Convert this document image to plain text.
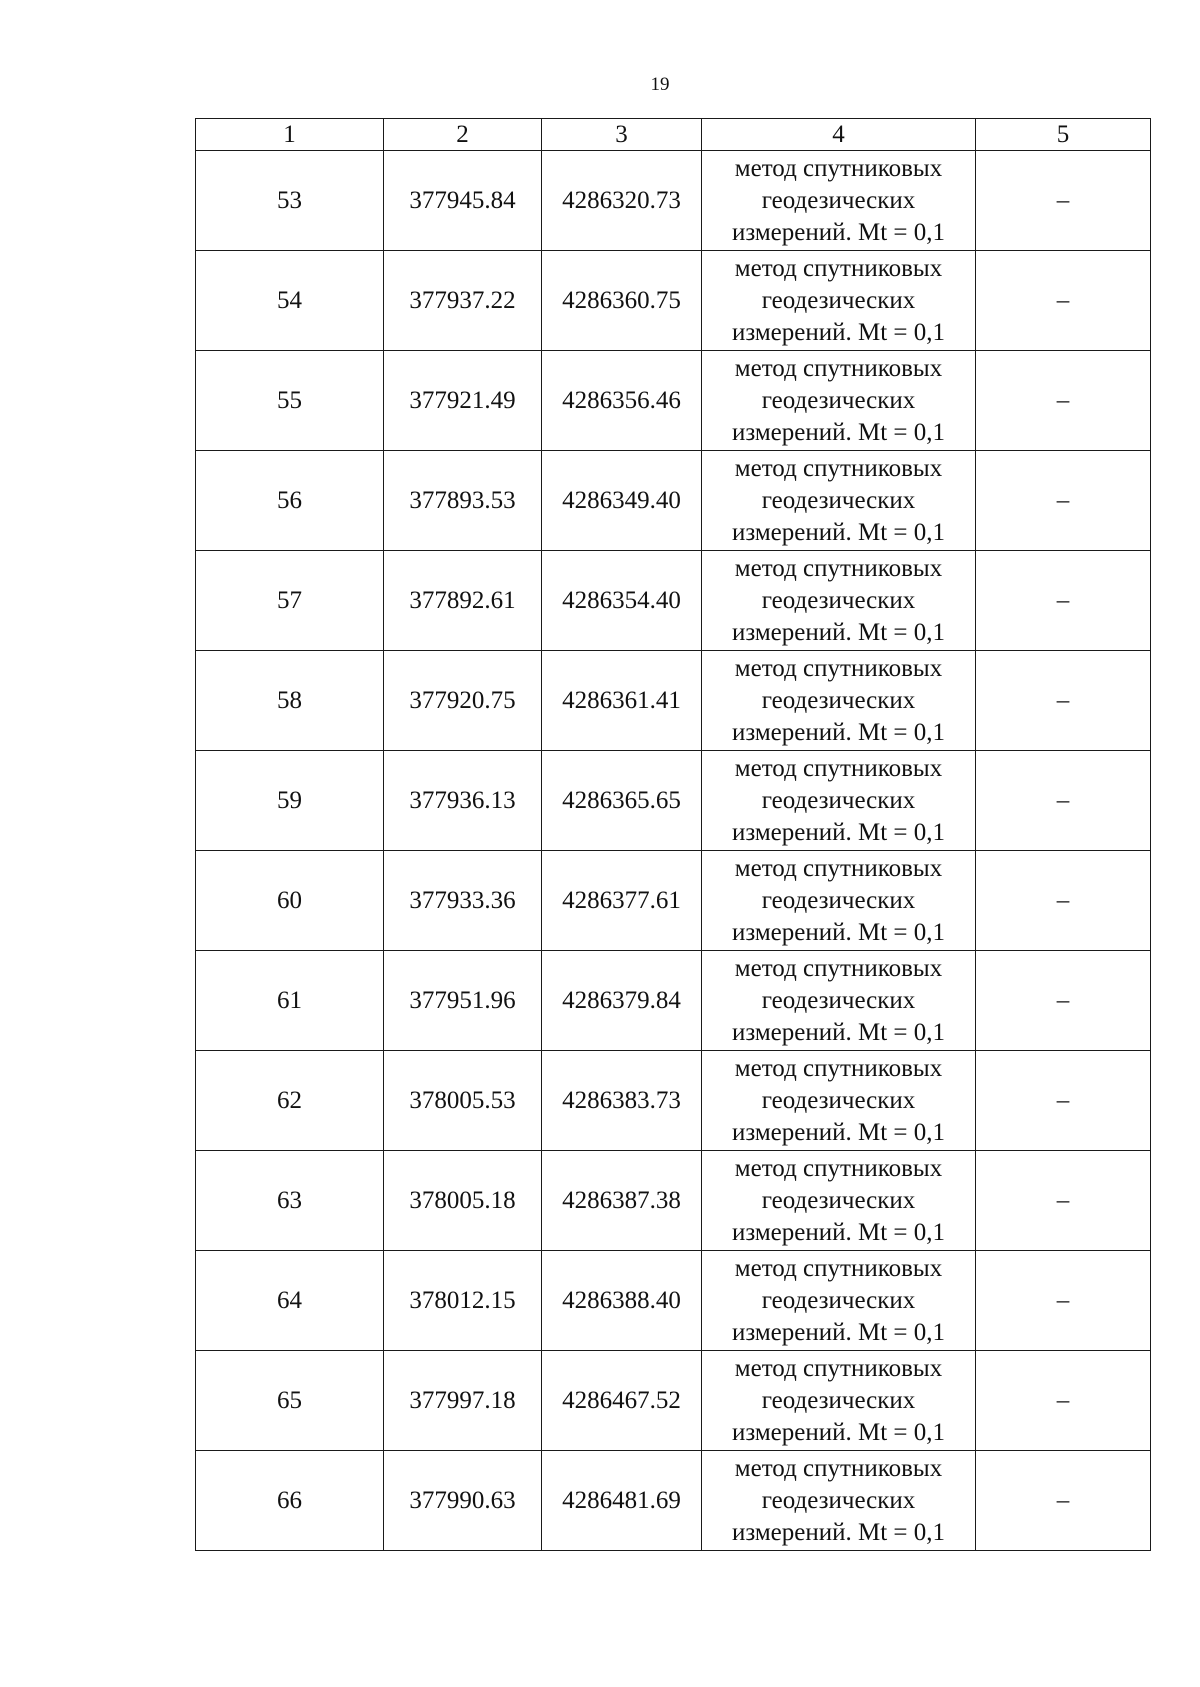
19
1	2	3	4	5
53	377945.84	4286320.73	метод спутниковых
геодезических
измерений. Mt = 0,1	–
54	377937.22	4286360.75	метод спутниковых
геодезических
измерений. Mt = 0,1	–
55	377921.49	4286356.46	метод спутниковых
геодезических
измерений. Mt = 0,1	–
56	377893.53	4286349.40	метод спутниковых
геодезических
измерений. Mt = 0,1	–
57	377892.61	4286354.40	метод спутниковых
геодезических
измерений. Mt = 0,1	–
58	377920.75	4286361.41	метод спутниковых
геодезических
измерений. Mt = 0,1	–
59	377936.13	4286365.65	метод спутниковых
геодезических
измерений. Mt = 0,1	–
60	377933.36	4286377.61	метод спутниковых
геодезических
измерений. Mt = 0,1	–
61	377951.96	4286379.84	метод спутниковых
геодезических
измерений. Mt = 0,1	–
62	378005.53	4286383.73	метод спутниковых
геодезических
измерений. Mt = 0,1	–
63	378005.18	4286387.38	метод спутниковых
геодезических
измерений. Mt = 0,1	–
64	378012.15	4286388.40	метод спутниковых
геодезических
измерений. Mt = 0,1	–
65	377997.18	4286467.52	метод спутниковых
геодезических
измерений. Mt = 0,1	–
66	377990.63	4286481.69	метод спутниковых
геодезических
измерений. Mt = 0,1	–
